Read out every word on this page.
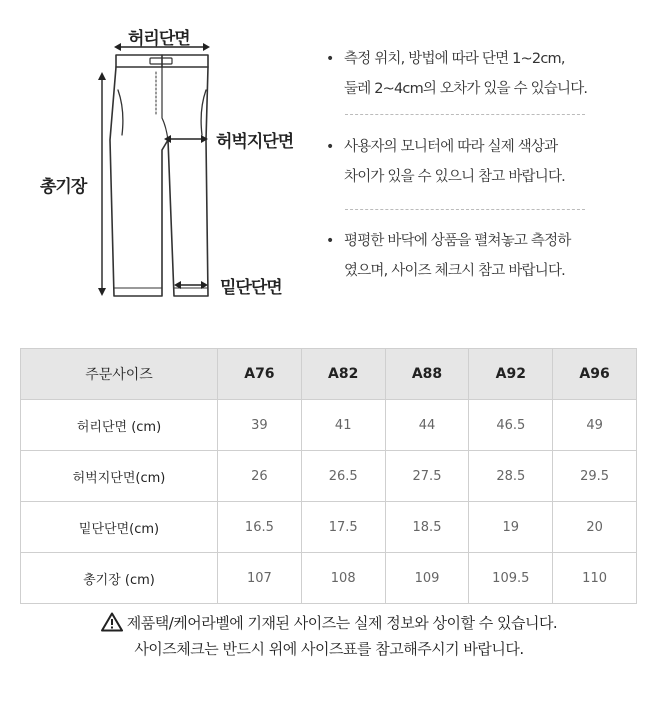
허리단면
허벅지단면
밑단단면
총기장
• 측정 위치, 방법에 따라 단면 1~2cm,
둘레 2~4cm의 오차가 있을 수 있습니다.
• 사용자의 모니터에 따라 실제 색상과
차이가 있을 수 있으니 참고 바랍니다.
• 평평한 바닥에 상품을 펼쳐놓고 측정하
였으며, 사이즈 체크시 참고 바랍니다.
주문사이즈	A76	A82	A88	A92	A96
허리단면 (cm)	39	41	44	46.5	49
허벅지단면(cm)	26	26.5	27.5	28.5	29.5
밑단단면(cm)	16.5	17.5	18.5	19	20
총기장 (cm)	107	108	109	109.5	110
제품택/케어라벨에 기재된 사이즈는 실제 정보와 상이할 수 있습니다.
사이즈체크는 반드시 위에 사이즈표를 참고해주시기 바랍니다.
